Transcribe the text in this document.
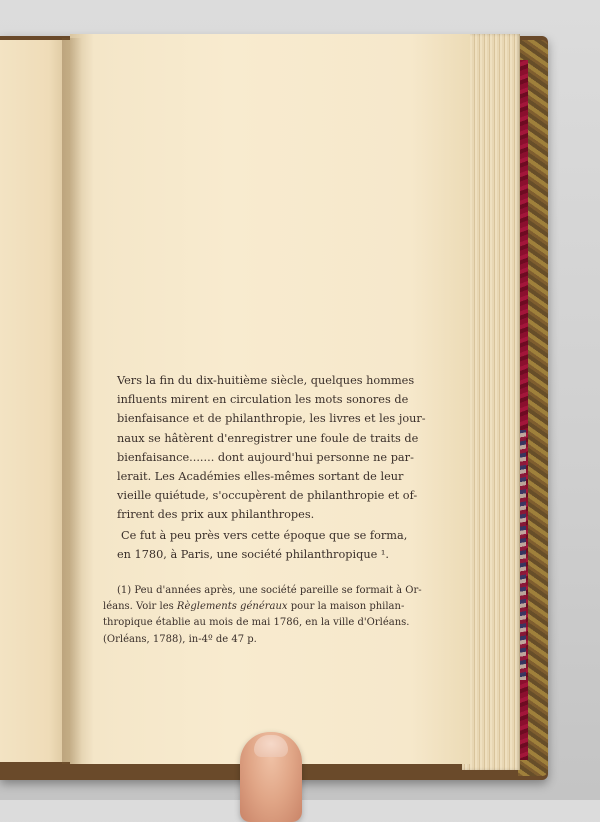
Vers la fin du dix-huitième siècle, quelques hommes
influents mirent en circulation les mots sonores de
bienfaisance et de philanthropie, les livres et les jour-
naux se hâtèrent d'enregistrer une foule de traits de
bienfaisance....... dont aujourd'hui personne ne par-
lerait. Les Académies elles-mêmes sortant de leur
vieille quiétude, s'occupèrent de philanthropie et of-
frirent des prix aux philanthropes.

Ce fut à peu près vers cette époque que se forma,
en 1780, à Paris, une société philanthropique ¹.

(1) Peu d'années après, une société pareille se formait à Or-
léans. Voir les Règlements généraux pour la maison philan-
thropique établie au mois de mai 1786, en la ville d'Orléans.
(Orléans, 1788), in-4º de 47 p.
